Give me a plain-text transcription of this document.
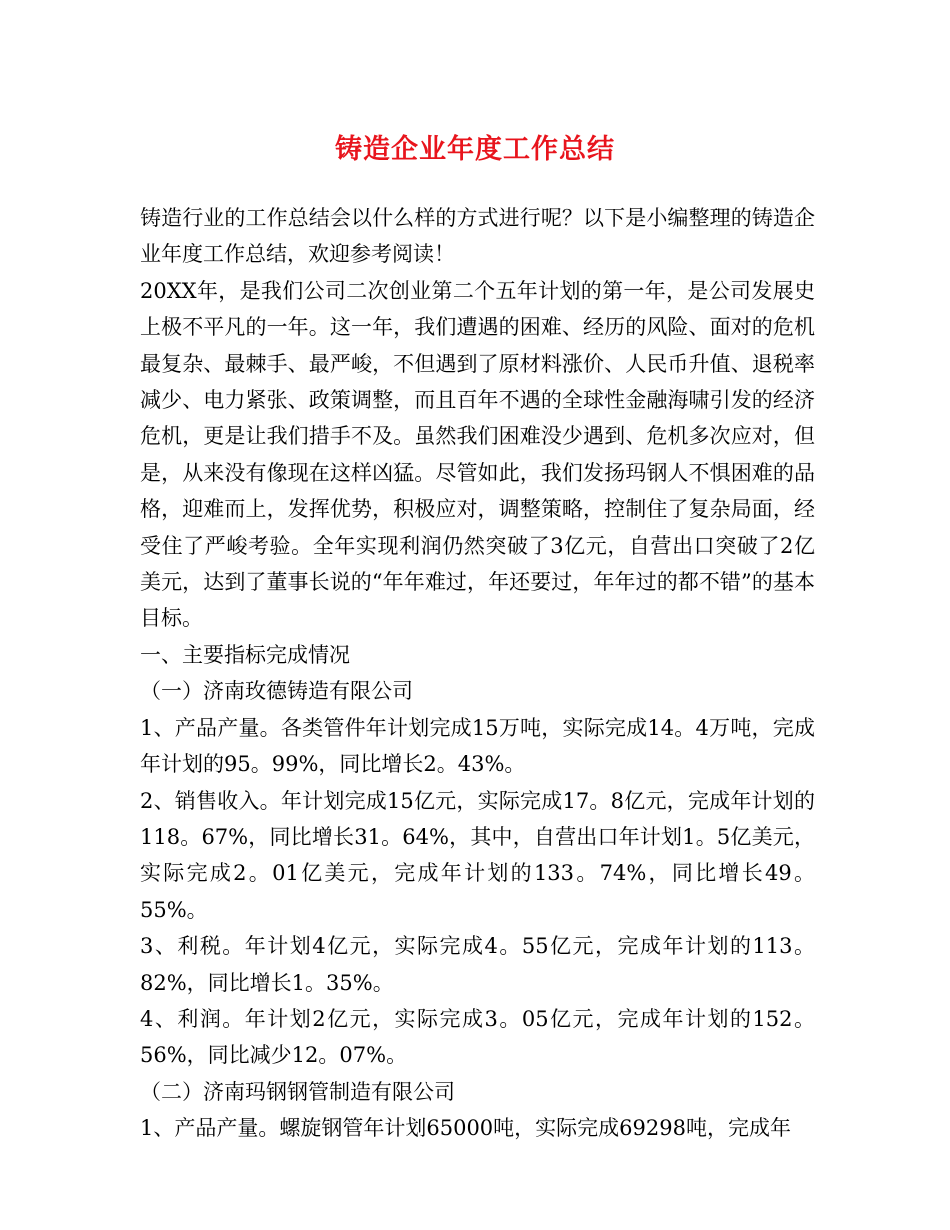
铸造企业年度工作总结

铸造行业的工作总结会以什么样的方式进行呢？以下是小编整理的铸造企业年度工作总结，欢迎参考阅读！

20XX年，是我们公司二次创业第二个五年计划的第一年，是公司发展史上极不平凡的一年。这一年，我们遭遇的困难、经历的风险、面对的危机最复杂、最棘手、最严峻，不但遇到了原材料涨价、人民币升值、退税率减少、电力紧张、政策调整，而且百年不遇的全球性金融海啸引发的经济危机，更是让我们措手不及。虽然我们困难没少遇到、危机多次应对，但是，从来没有像现在这样凶猛。尽管如此，我们发扬玛钢人不惧困难的品格，迎难而上，发挥优势，积极应对，调整策略，控制住了复杂局面，经受住了严峻考验。全年实现利润仍然突破了3亿元，自营出口突破了2亿美元，达到了董事长说的“年年难过，年还要过，年年过的都不错”的基本目标。

一、主要指标完成情况

（一）济南玫德铸造有限公司

1、产品产量。各类管件年计划完成15万吨，实际完成14。4万吨，完成年计划的95。99%，同比增长2。43%。

2、销售收入。年计划完成15亿元，实际完成17。8亿元，完成年计划的118。67%，同比增长31。64%，其中，自营出口年计划1。5亿美元，实际完成2。01亿美元，完成年计划的133。74%，同比增长49。55%。

3、利税。年计划4亿元，实际完成4。55亿元，完成年计划的113。82%，同比增长1。35%。

4、利润。年计划2亿元，实际完成3。05亿元，完成年计划的152。56%，同比减少12。07%。

（二）济南玛钢钢管制造有限公司

1、产品产量。螺旋钢管年计划65000吨，实际完成69298吨，完成年
